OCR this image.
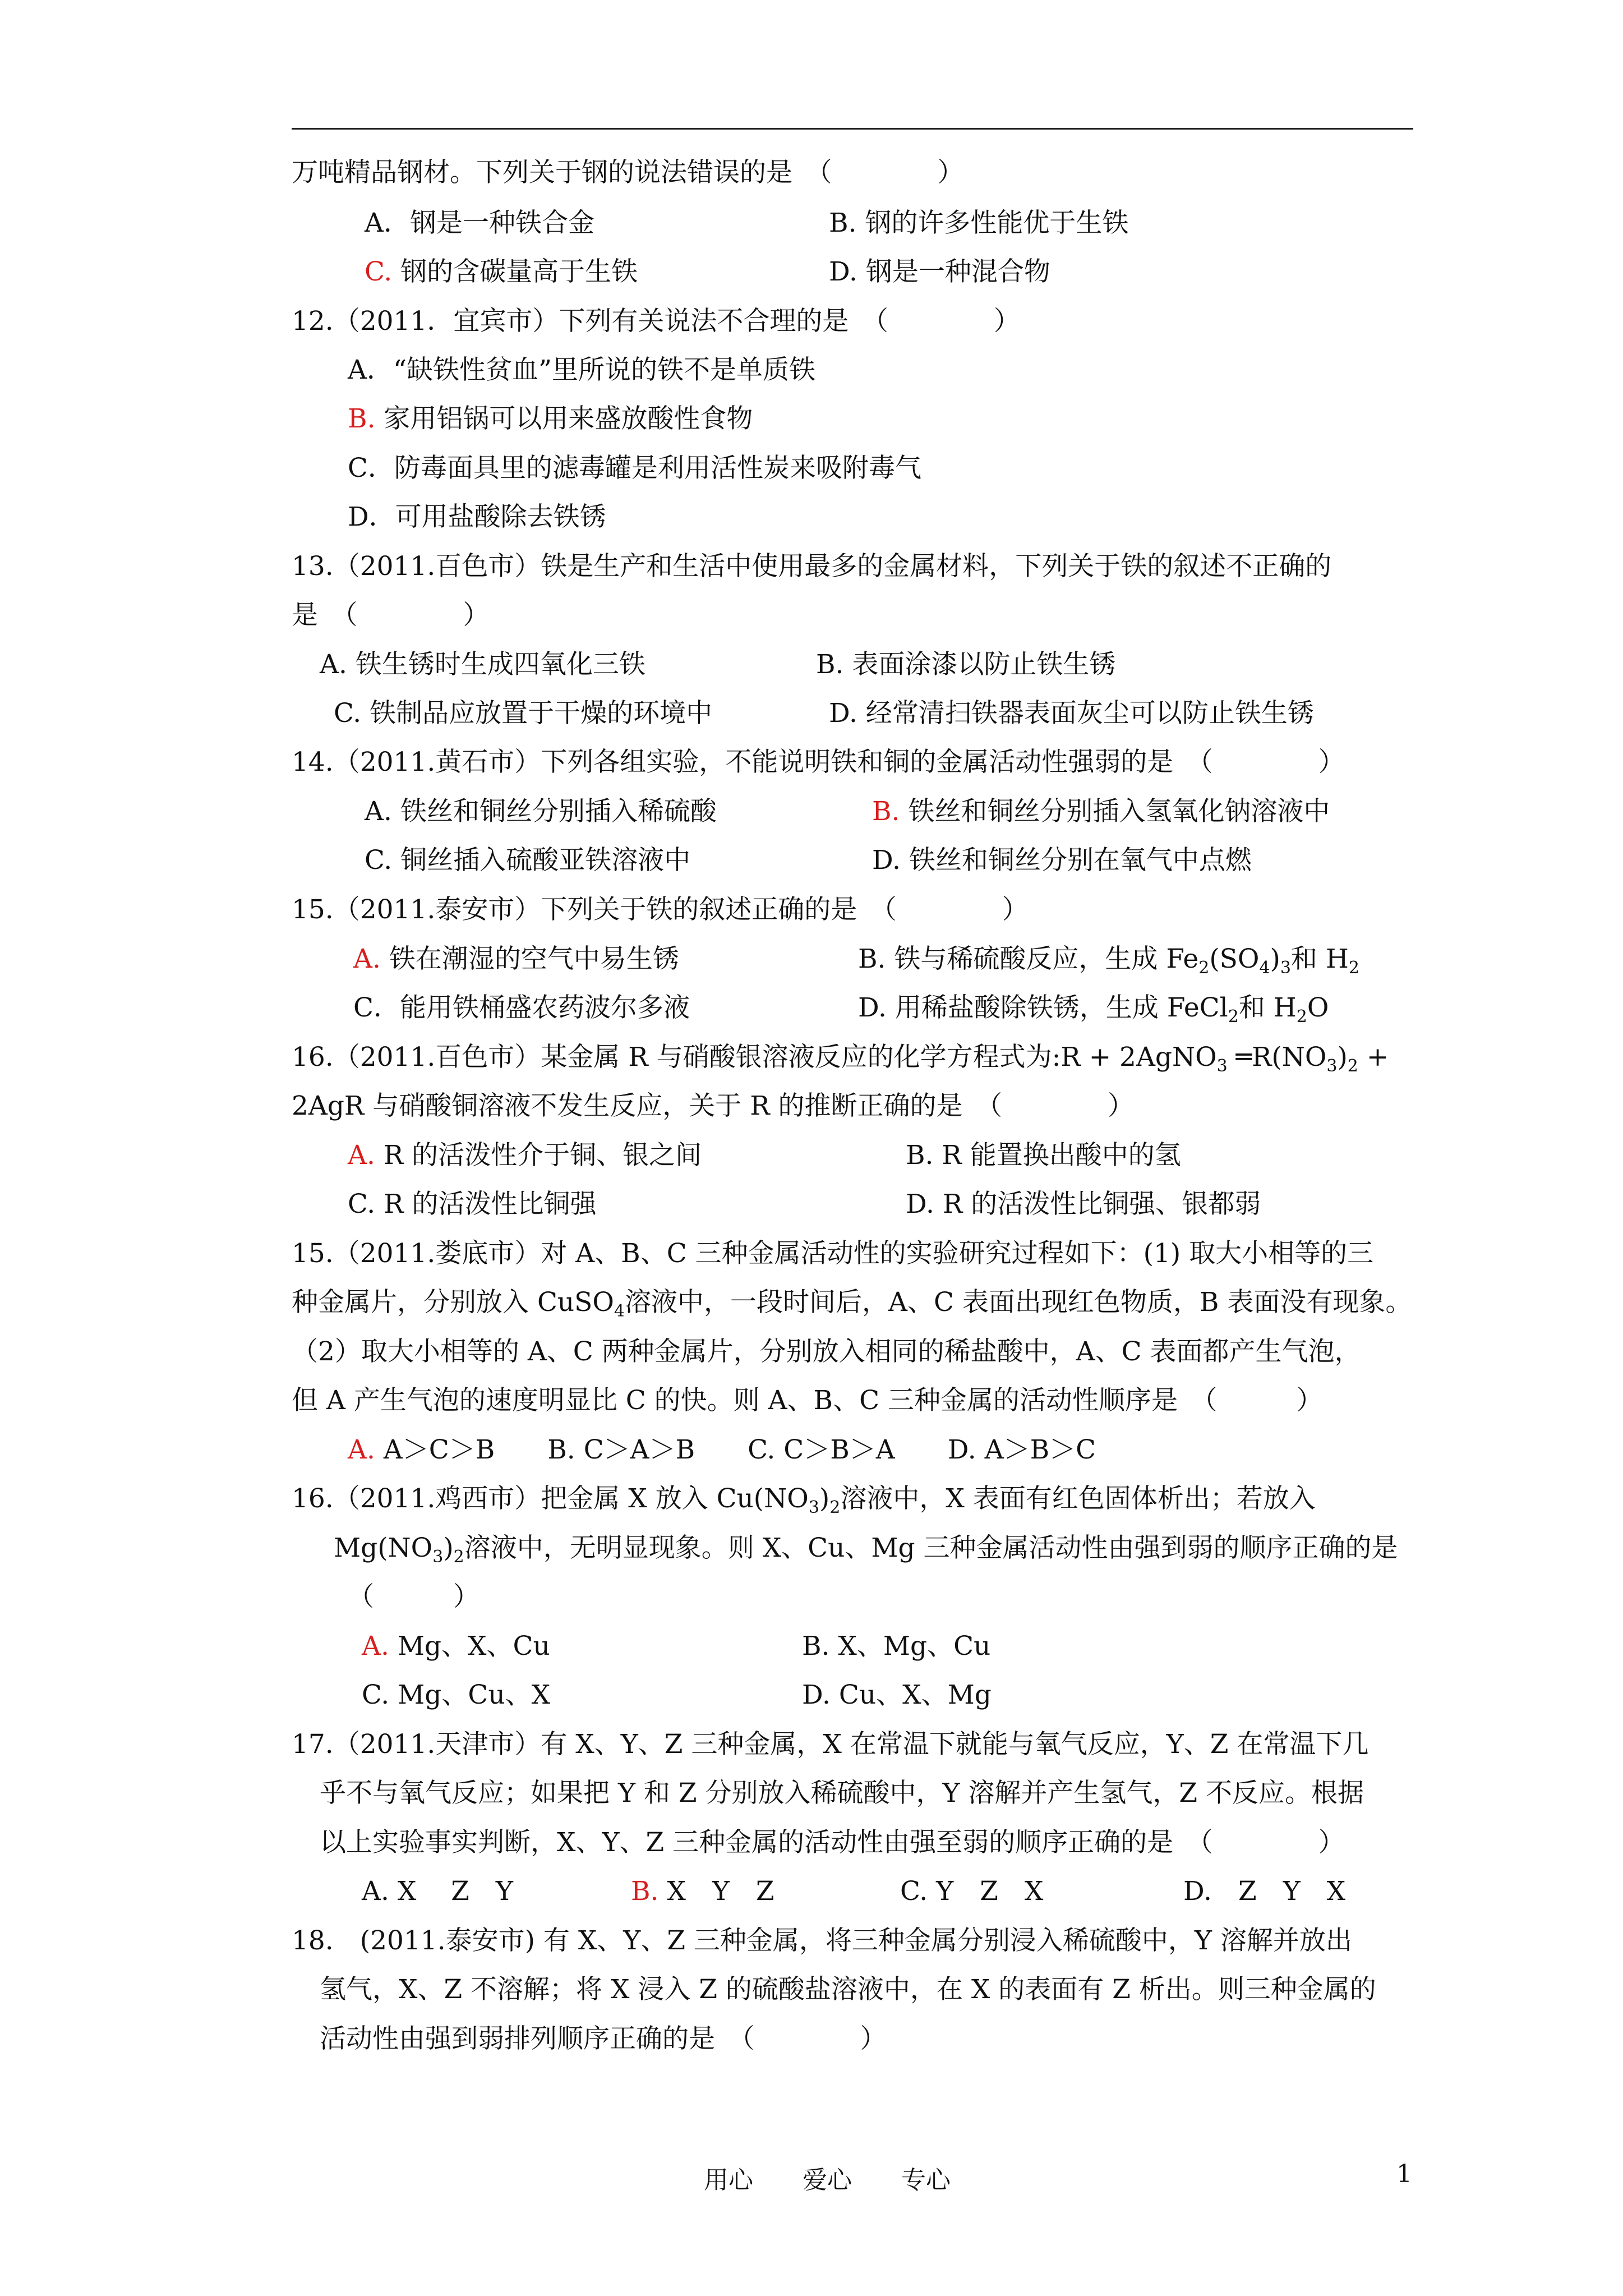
万吨精品钢材。下列关于钢的说法错误的是　（　　　　）
A．钢是一种铁合金	B. 钢的许多性能优于生铁
C. 钢的含碳量高于生铁	D. 钢是一种混合物
12.（2011．宜宾市）下列有关说法不合理的是　（　　　　）
A．“缺铁性贫血”里所说的铁不是单质铁
B. 家用铝锅可以用来盛放酸性食物
C．防毒面具里的滤毒罐是利用活性炭来吸附毒气
D．可用盐酸除去铁锈
13.（2011.百色市）铁是生产和生活中使用最多的金属材料，下列关于铁的叙述不正确的
是　（　　　　）
A. 铁生锈时生成四氧化三铁	B. 表面涂漆以防止铁生锈
C. 铁制品应放置于干燥的环境中	D. 经常清扫铁器表面灰尘可以防止铁生锈
14.（2011.黄石市）下列各组实验，不能说明铁和铜的金属活动性强弱的是　（　　　　）
A. 铁丝和铜丝分别插入稀硫酸	B. 铁丝和铜丝分别插入氢氧化钠溶液中
C. 铜丝插入硫酸亚铁溶液中	D. 铁丝和铜丝分别在氧气中点燃
15.（2011.泰安市）下列关于铁的叙述正确的是　（　　　　）
A. 铁在潮湿的空气中易生锈	B. 铁与稀硫酸反应，生成 $Fe_2(SO_4)_3$和 $H_2$
C．能用铁桶盛农药波尔多液	D. 用稀盐酸除铁锈，生成 FeCl$_2$和 $H_2O$
16.（2011.百色市）某金属 R 与硝酸银溶液反应的化学方程式为:R + 2AgNO$_3$ $═R(NO_3)_2$ +
2AgR 与硝酸铜溶液不发生反应，关于 R 的推断正确的是　（　　　　）
A. R 的活泼性介于铜、银之间	B. R 能置换出酸中的氢
C. R 的活泼性比铜强	D. R 的活泼性比铜强、银都弱
15.（2011.娄底市）对 A、B、C 三种金属活动性的实验研究过程如下：(1) 取大小相等的三
种金属片，分别放入 CuSO$_4$溶液中，一段时间后，A、C 表面出现红色物质，B 表面没有现象。
（2）取大小相等的 A、C 两种金属片，分别放入相同的稀盐酸中，A、C 表面都产生气泡，
但 A 产生气泡的速度明显比 C 的快。则 A、B、C 三种金属的活动性顺序是　（　　　）
A. A＞C＞B　　B. C＞A＞B　　C. C＞B＞A　　D. A＞B＞C
16.（2011.鸡西市）把金属 X 放入 $Cu(NO_3)_2$溶液中，X 表面有红色固体析出；若放入
$Mg(NO_3)_2$溶液中，无明显现象。则 X、Cu、Mg 三种金属活动性由强到弱的顺序正确的是
（　　　）
A. Mg、X、Cu	B. X、Mg、Cu
C. Mg、Cu、X	D. Cu、X、Mg
17.（2011.天津市）有 X、Y、Z 三种金属，X 在常温下就能与氧气反应，Y、Z 在常温下几
乎不与氧气反应；如果把 Y 和 Z 分别放入稀硫酸中，Y 溶解并产生氢气，Z 不反应。根据
以上实验事实判断，X、Y、Z 三种金属的活动性由强至弱的顺序正确的是　（　　　　）
A. X　 Z　Y	B. X　Y　Z	C. Y　Z　X	D.　Z　Y　X
18.　(2011.泰安市) 有 X、Y、Z 三种金属，将三种金属分别浸入稀硫酸中，Y 溶解并放出
氢气，X、Z 不溶解；将 X 浸入 Z 的硫酸盐溶液中，在 X 的表面有 Z 析出。则三种金属的
活动性由强到弱排列顺序正确的是　（　　　　）
用心　　爱心　　专心	1
